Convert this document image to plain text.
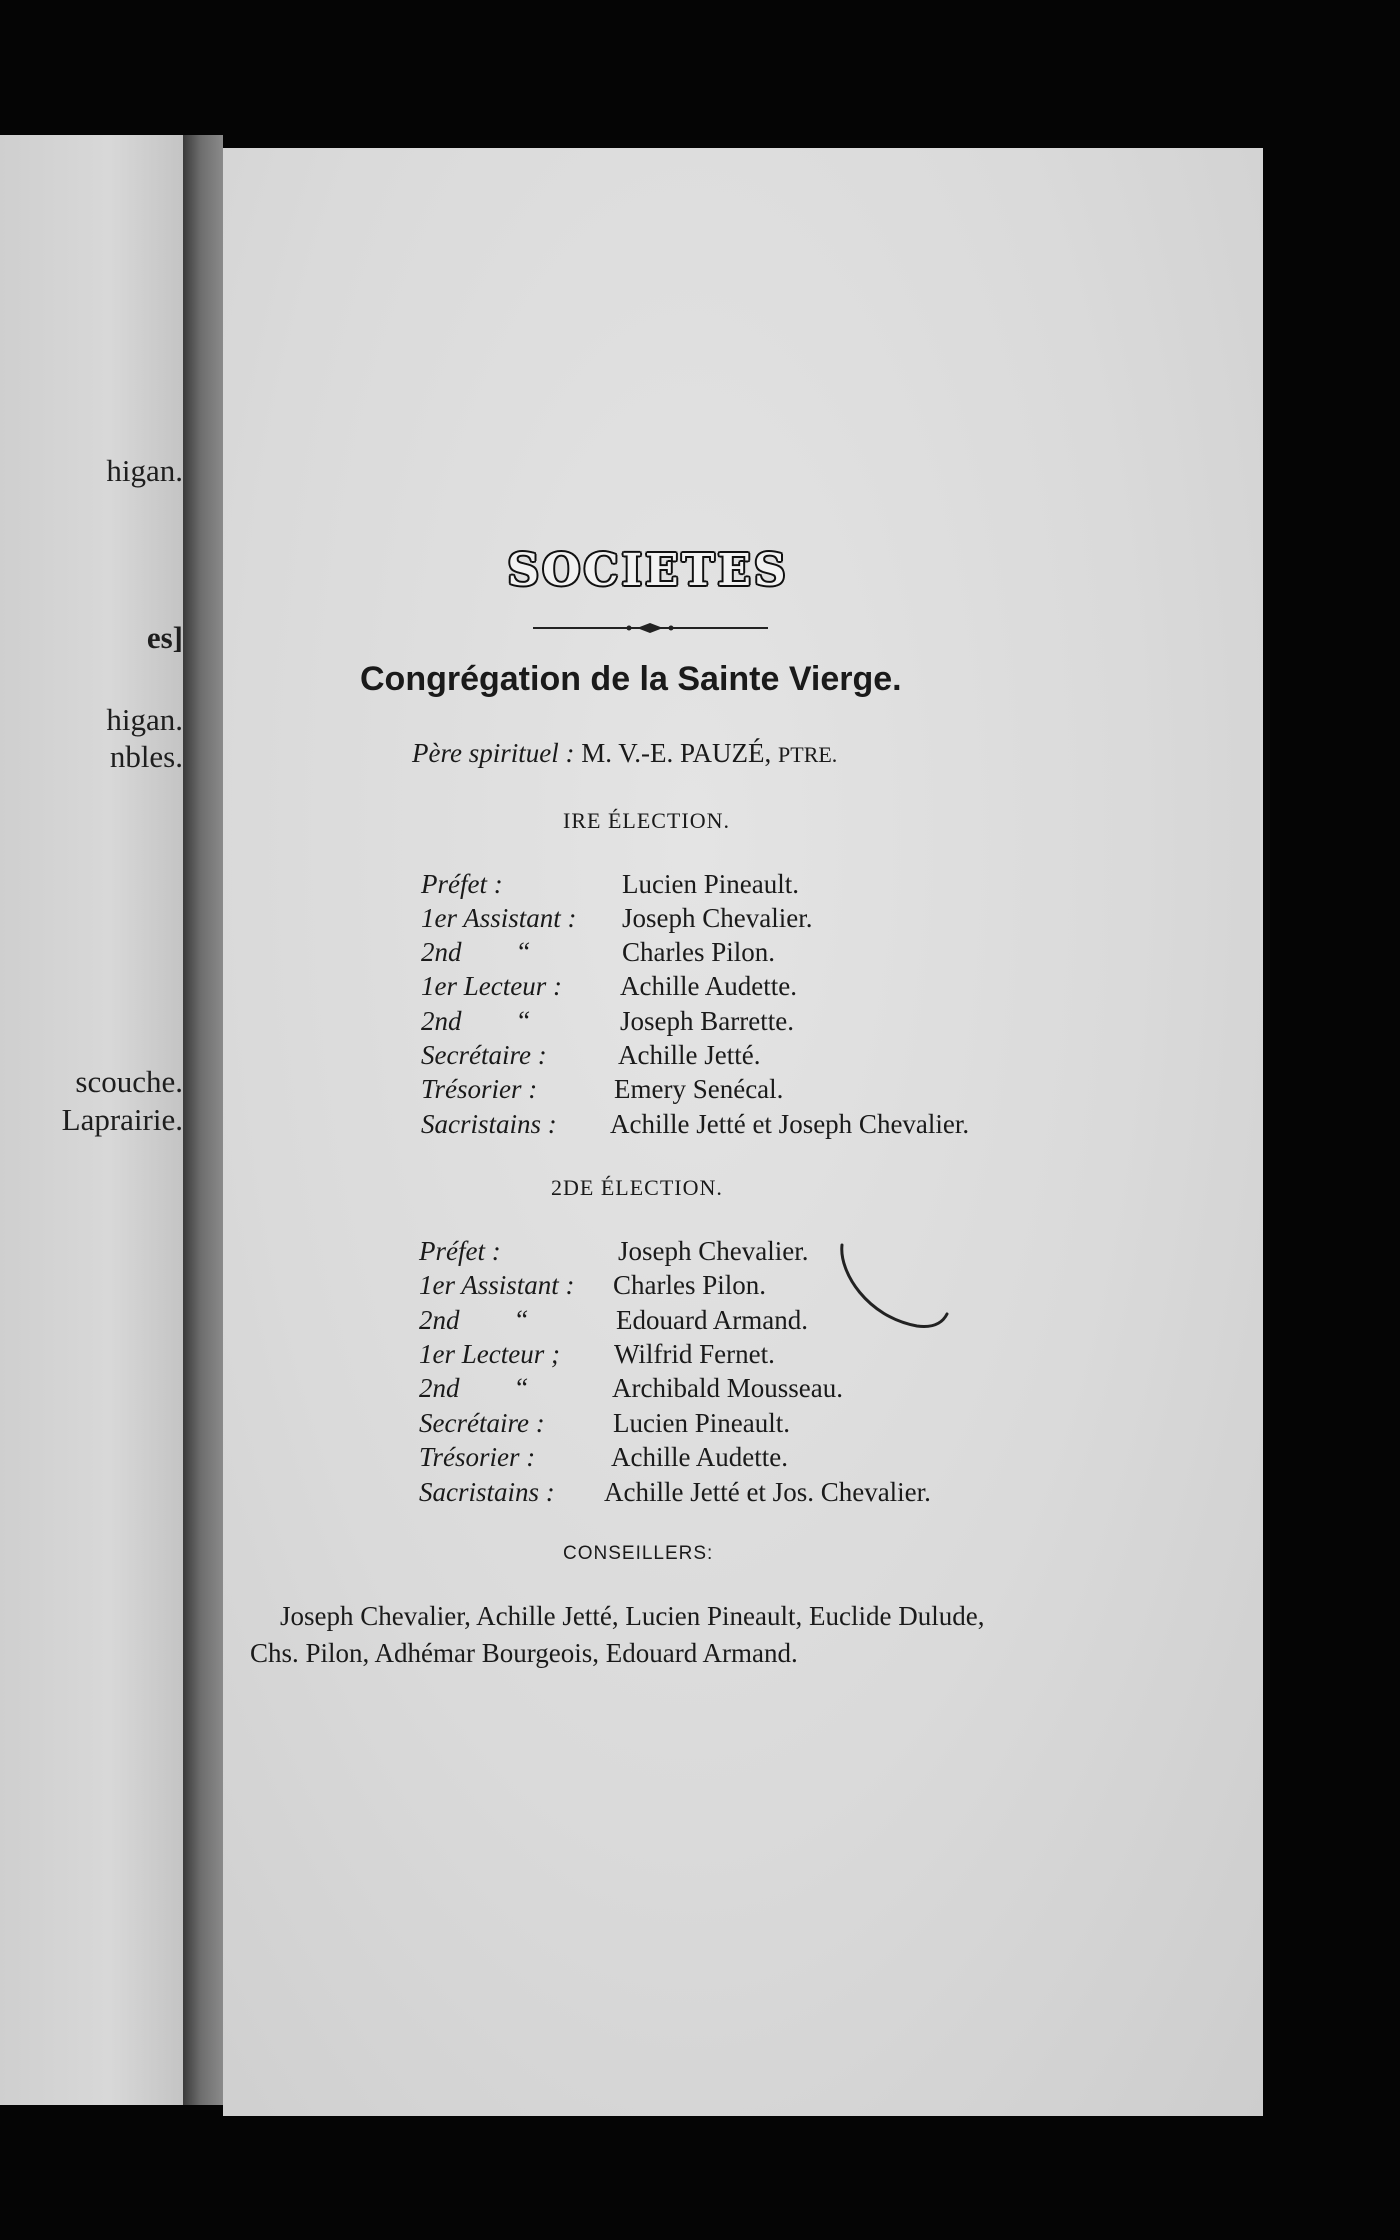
higan.
es]
higan.
nbles.
scouche.
Laprairie.
SOCIETES
Congrégation de la Sainte Vierge.
Père spirituel : M. V.-E. PAUZÉ, PTRE.
IRE ÉLECTION.
Préfet :	Lucien Pineault.
1er Assistant : Joseph Chevalier.
2nd        “	Charles Pilon.
1er Lecteur : Achille Audette.
2nd        “	Joseph Barrette.
Secrétaire :	Achille Jetté.
Trésorier :	Emery Senécal.
Sacristains : Achille Jetté et Joseph Chevalier.
2DE ÉLECTION.
Préfet :	Joseph Chevalier.
1er Assistant : Charles Pilon.
2nd        “	Edouard Armand.
1er Lecteur ; Wilfrid Fernet.
2nd        “	Archibald Mousseau.
Secrétaire :	Lucien Pineault.
Trésorier :	Achille Audette.
Sacristains : Achille Jetté et Jos. Chevalier.
CONSEILLERS:
Joseph Chevalier, Achille Jetté, Lucien Pineault, Euclide Dulude,
Chs. Pilon, Adhémar Bourgeois, Edouard Armand.
